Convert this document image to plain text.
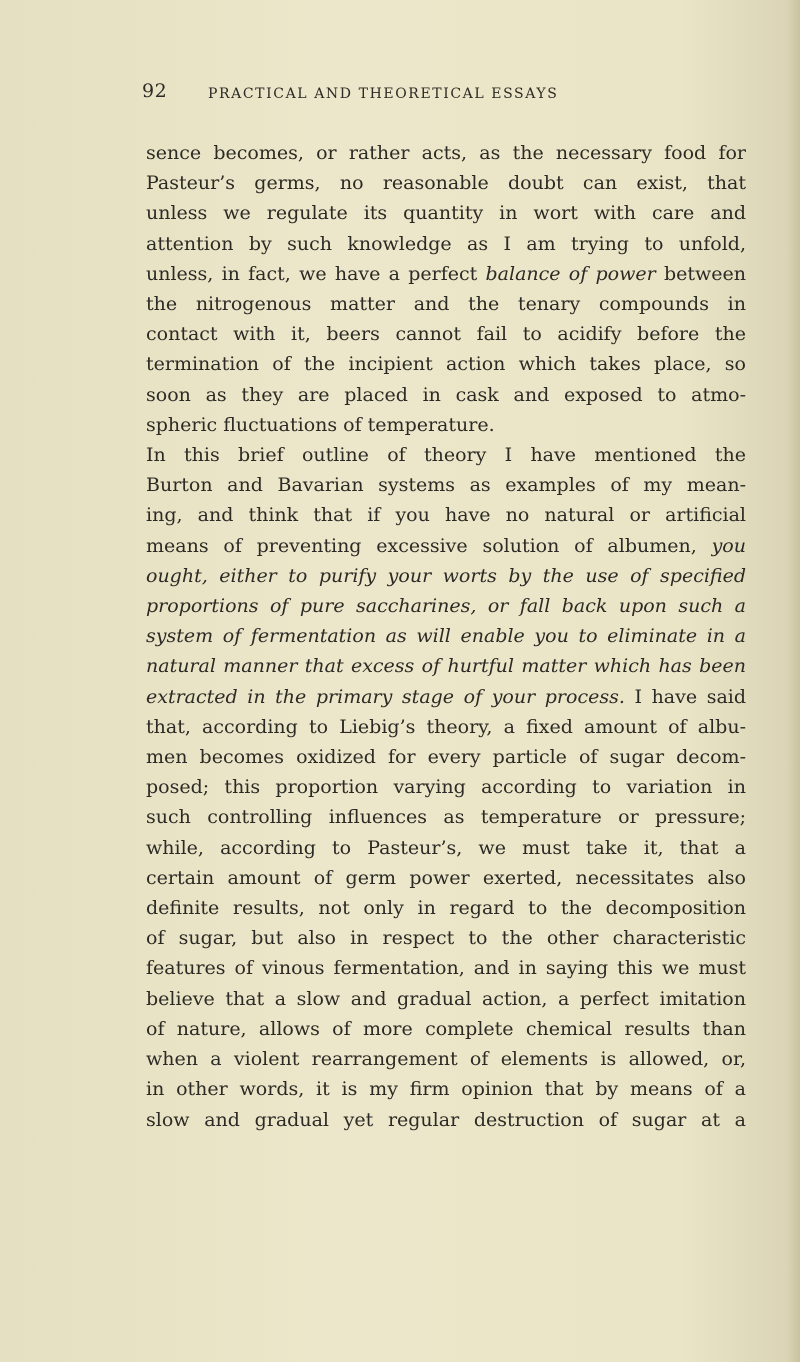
92	PRACTICAL AND THEORETICAL ESSAYS

sence becomes, or rather acts, as the necessary food for
Pasteur’s germs, no reasonable doubt can exist, that
unless we regulate its quantity in wort with care and
attention by such knowledge as I am trying to unfold,
unless, in fact, we have a perfect balance of power between
the nitrogenous matter and the tenary compounds in
contact with it, beers cannot fail to acidify before the
termination of the incipient action which takes place, so
soon as they are placed in cask and exposed to atmo-
spheric fluctuations of temperature.

In this brief outline of theory I have mentioned the
Burton and Bavarian systems as examples of my mean-
ing, and think that if you have no natural or artificial
means of preventing excessive solution of albumen, you
ought, either to purify your worts by the use of specified
proportions of pure saccharines, or fall back upon such a
system of fermentation as will enable you to eliminate in a
natural manner that excess of hurtful matter which has been
extracted in the primary stage of your process. I have said
that, according to Liebig’s theory, a fixed amount of albu-
men becomes oxidized for every particle of sugar decom-
posed; this proportion varying according to variation in
such controlling influences as temperature or pressure;
while, according to Pasteur’s, we must take it, that a
certain amount of germ power exerted, necessitates also
definite results, not only in regard to the decomposition
of sugar, but also in respect to the other characteristic
features of vinous fermentation, and in saying this we must
believe that a slow and gradual action, a perfect imitation
of nature, allows of more complete chemical results than
when a violent rearrangement of elements is allowed, or,
in other words, it is my firm opinion that by means of a
slow and gradual yet regular destruction of sugar at a
